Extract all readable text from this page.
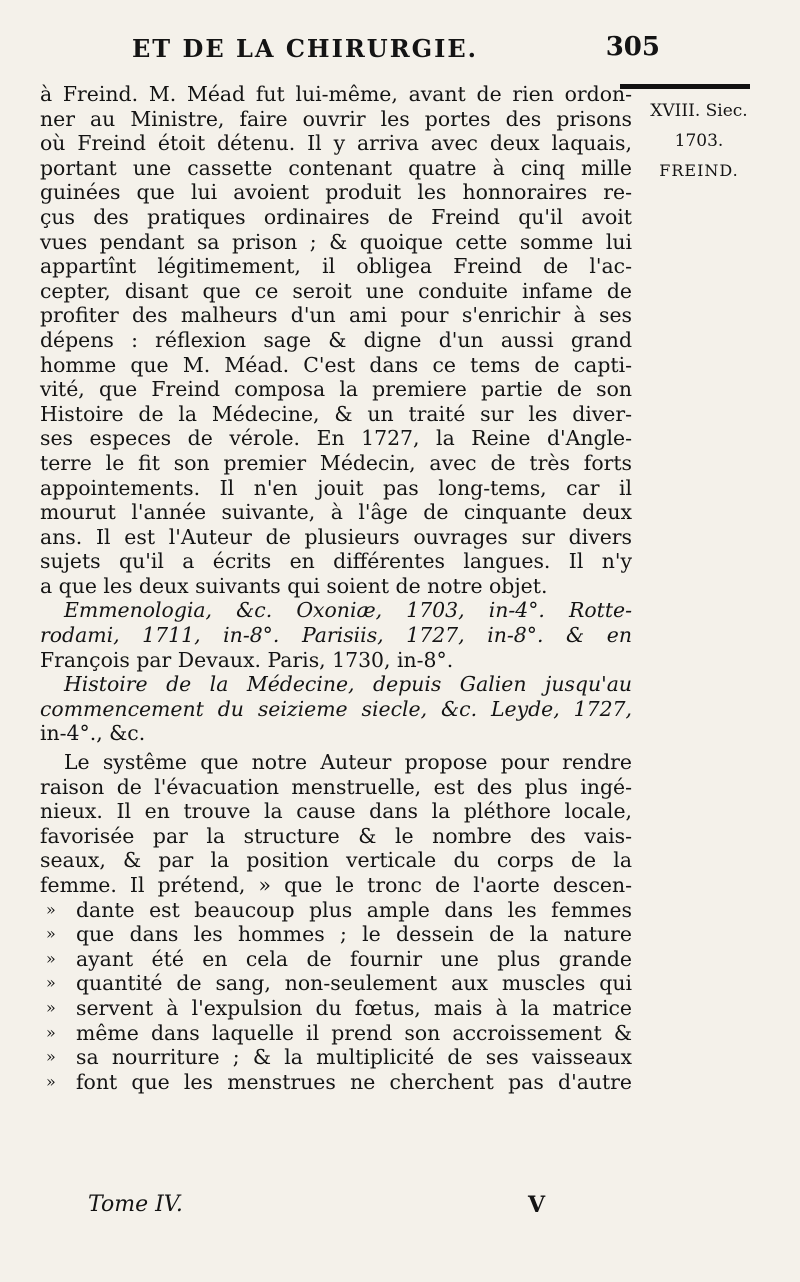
ET DE LA CHIRURGIE.	305
XVIII. Siec.
1703.
FREIND.
à Freind. M. Méad fut lui-même, avant de rien ordon-
ner au Ministre, faire ouvrir les portes des prisons
où Freind étoit détenu. Il y arriva avec deux laquais,
portant une cassette contenant quatre à cinq mille
guinées que lui avoient produit les honnoraires re-
çus des pratiques ordinaires de Freind qu'il avoit
vues pendant sa prison ; & quoique cette somme lui
appartînt légitimement, il obligea Freind de l'ac-
cepter, disant que ce seroit une conduite infame de
profiter des malheurs d'un ami pour s'enrichir à ses
dépens : réflexion sage & digne d'un aussi grand
homme que M. Méad. C'est dans ce tems de capti-
vité, que Freind composa la premiere partie de son
Histoire de la Médecine, & un traité sur les diver-
ses especes de vérole. En 1727, la Reine d'Angle-
terre le fit son premier Médecin, avec de très forts
appointements. Il n'en jouit pas long-tems, car il
mourut l'année suivante, à l'âge de cinquante deux
ans. Il est l'Auteur de plusieurs ouvrages sur divers
sujets qu'il a écrits en différentes langues. Il n'y
a que les deux suivants qui soient de notre objet.
Emmenologia, &c. Oxoniæ, 1703, in-4°. Rotte-
rodami, 1711, in-8°. Parisiis, 1727, in-8°. & en
François par Devaux. Paris, 1730, in-8°.
Histoire de la Médecine, depuis Galien jusqu'au
commencement du seizieme siecle, &c. Leyde, 1727,
in-4°., &c.
Le systême que notre Auteur propose pour rendre
raison de l'évacuation menstruelle, est des plus ingé-
nieux. Il en trouve la cause dans la pléthore locale,
favorisée par la structure & le nombre des vais-
seaux, & par la position verticale du corps de la
femme. Il prétend, » que le tronc de l'aorte descen-
» dante est beaucoup plus ample dans les femmes
» que dans les hommes ; le dessein de la nature
» ayant été en cela de fournir une plus grande
» quantité de sang, non-seulement aux muscles qui
» servent à l'expulsion du fœtus, mais à la matrice
» même dans laquelle il prend son accroissement &
» sa nourriture ; & la multiplicité de ses vaisseaux
» font que les menstrues ne cherchent pas d'autre
Tome IV.	V
